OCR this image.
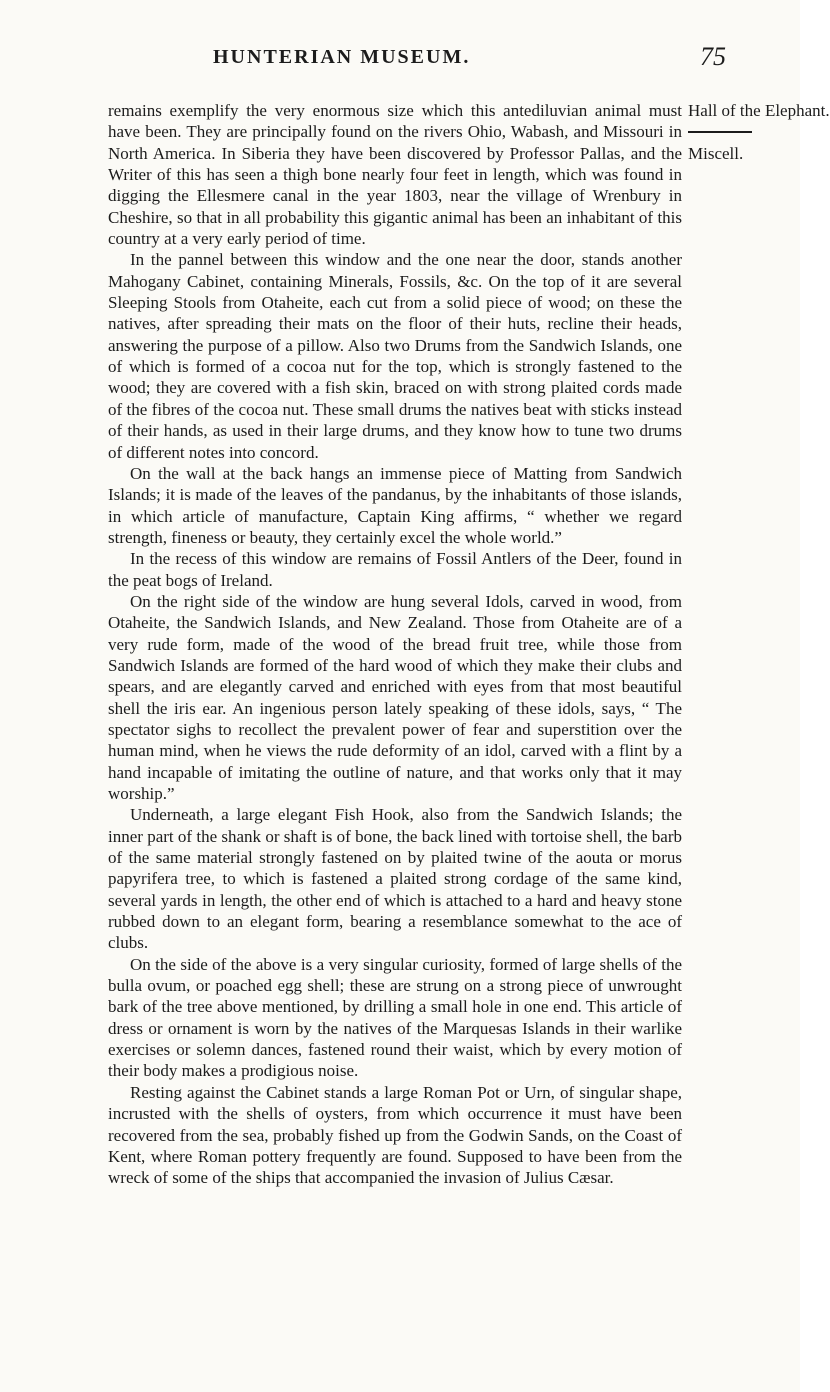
HUNTERIAN MUSEUM.	75
Hall of the Elephant.
Miscell.

remains exemplify the very enormous size which this antediluvian animal must have been. They are principally found on the rivers Ohio, Wabash, and Missouri in North America. In Siberia they have been discovered by Professor Pallas, and the Writer of this has seen a thigh bone nearly four feet in length, which was found in digging the Ellesmere canal in the year 1803, near the village of Wrenbury in Cheshire, so that in all probability this gigantic animal has been an inhabitant of this country at a very early period of time.

In the pannel between this window and the one near the door, stands another Mahogany Cabinet, containing Minerals, Fossils, &c. On the top of it are several Sleeping Stools from Otaheite, each cut from a solid piece of wood; on these the natives, after spreading their mats on the floor of their huts, recline their heads, answering the purpose of a pillow. Also two Drums from the Sandwich Islands, one of which is formed of a cocoa nut for the top, which is strongly fastened to the wood; they are covered with a fish skin, braced on with strong plaited cords made of the fibres of the cocoa nut. These small drums the natives beat with sticks instead of their hands, as used in their large drums, and they know how to tune two drums of different notes into concord.

On the wall at the back hangs an immense piece of Matting from Sandwich Islands; it is made of the leaves of the pandanus, by the inhabitants of those islands, in which article of manufacture, Captain King affirms, “ whether we regard strength, fineness or beauty, they certainly excel the whole world.”

In the recess of this window are remains of Fossil Antlers of the Deer, found in the peat bogs of Ireland.

On the right side of the window are hung several Idols, carved in wood, from Otaheite, the Sandwich Islands, and New Zealand. Those from Otaheite are of a very rude form, made of the wood of the bread fruit tree, while those from Sandwich Islands are formed of the hard wood of which they make their clubs and spears, and are elegantly carved and enriched with eyes from that most beautiful shell the iris ear. An ingenious person lately speaking of these idols, says, “ The spectator sighs to recollect the prevalent power of fear and superstition over the human mind, when he views the rude deformity of an idol, carved with a flint by a hand incapable of imitating the outline of nature, and that works only that it may worship.”

Underneath, a large elegant Fish Hook, also from the Sandwich Islands; the inner part of the shank or shaft is of bone, the back lined with tortoise shell, the barb of the same material strongly fastened on by plaited twine of the aouta or morus papyrifera tree, to which is fastened a plaited strong cordage of the same kind, several yards in length, the other end of which is attached to a hard and heavy stone rubbed down to an elegant form, bearing a resemblance somewhat to the ace of clubs.

On the side of the above is a very singular curiosity, formed of large shells of the bulla ovum, or poached egg shell; these are strung on a strong piece of unwrought bark of the tree above mentioned, by drilling a small hole in one end. This article of dress or ornament is worn by the natives of the Marquesas Islands in their warlike exercises or solemn dances, fastened round their waist, which by every motion of their body makes a prodigious noise.

Resting against the Cabinet stands a large Roman Pot or Urn, of singular shape, incrusted with the shells of oysters, from which occurrence it must have been recovered from the sea, probably fished up from the Godwin Sands, on the Coast of Kent, where Roman pottery frequently are found. Supposed to have been from the wreck of some of the ships that accompanied the invasion of Julius Cæsar.
